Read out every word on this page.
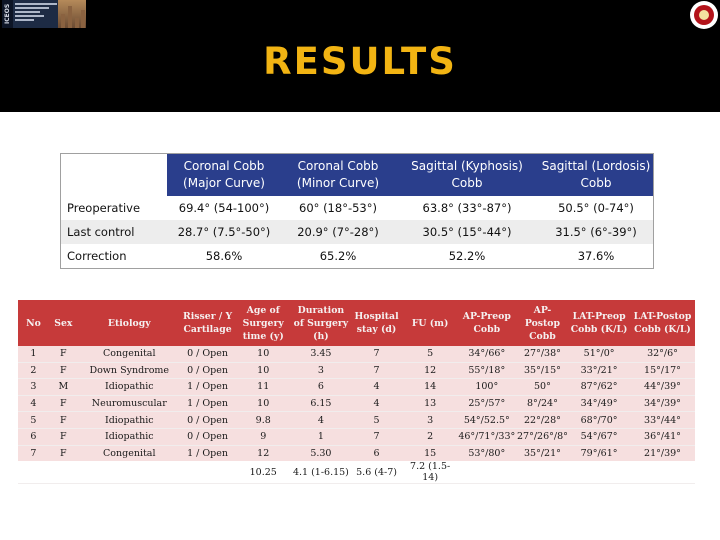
ICEOS
RESULTS
	Coronal Cobb (Major Curve)	Coronal Cobb (Minor Curve)	Sagittal (Kyphosis) Cobb	Sagittal (Lordosis) Cobb
Preoperative	69.4° (54-100°)	60° (18°-53°)	63.8° (33°-87°)	50.5° (0-74°)
Last control	28.7° (7.5°-50°)	20.9° (7°-28°)	30.5° (15°-44°)	31.5° (6°-39°)
Correction	58.6%	65.2%	52.2%	37.6%
No	Sex	Etiology	Risser / Y Cartilage	Age of Surgery time (y)	Duration of Surgery (h)	Hospital stay (d)	FU (m)	AP-Preop Cobb	AP-Postop Cobb	LAT-Preop Cobb (K/L)	LAT-Postop Cobb (K/L)
1	F	Congenital	0 / Open	10	3.45	7	5	34°/66°	27°/38°	51°/0°	32°/6°
2	F	Down Syndrome	0 / Open	10	3	7	12	55°/18°	35°/15°	33°/21°	15°/17°
3	M	Idiopathic	1 / Open	11	6	4	14	100°	50°	87°/62°	44°/39°
4	F	Neuromuscular	1 / Open	10	6.15	4	13	25°/57°	8°/24°	34°/49°	34°/39°
5	F	Idiopathic	0 / Open	9.8	4	5	3	54°/52.5°	22°/28°	68°/70°	33°/44°
6	F	Idiopathic	0 / Open	9	1	7	2	46°/71°/33°	27°/26°/8°	54°/67°	36°/41°
7	F	Congenital	1 / Open	12	5.30	6	15	53°/80°	35°/21°	79°/61°	21°/39°
				10.25	4.1 (1-6.15)	5.6 (4-7)	7.2 (1.5-14)				
